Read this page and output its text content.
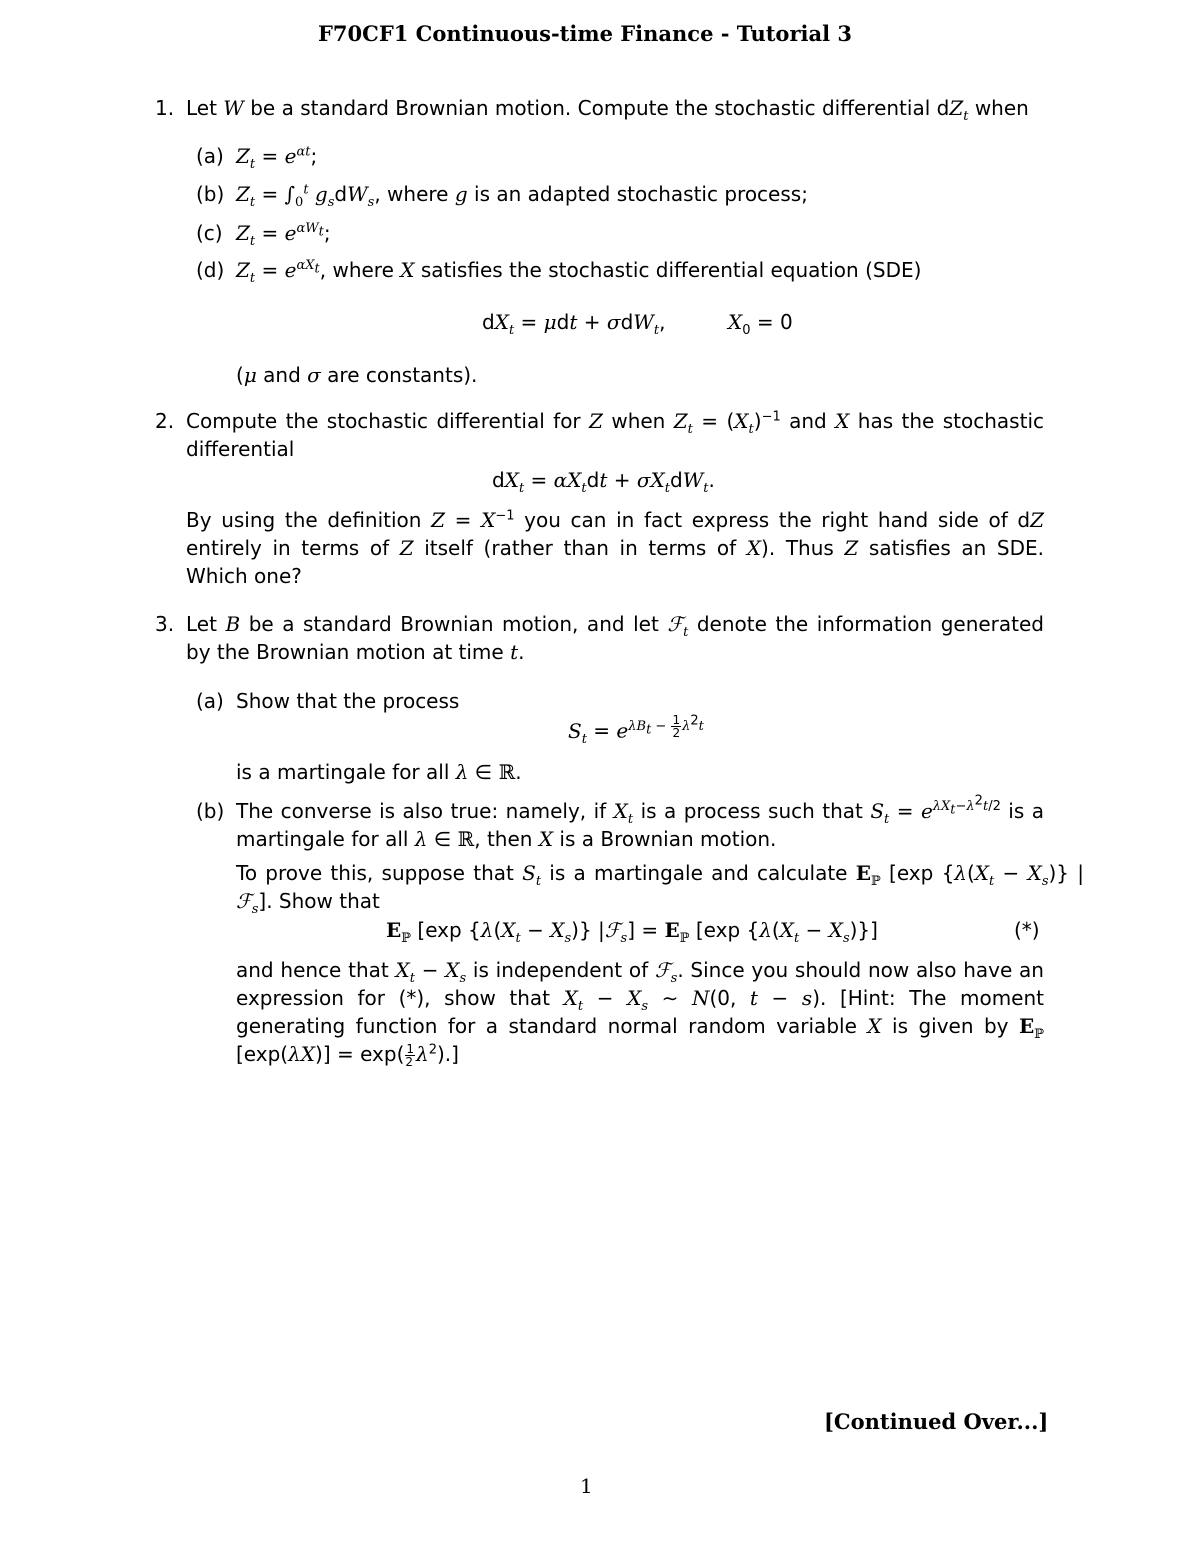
F70CF1 Continuous-time Finance - Tutorial 3
1. Let W be a standard Brownian motion. Compute the stochastic differential $dZ_t$ when
(a) $Z_t = e^{\alpha t}$;
(b) $Z_t = \int_0^t$ $g_sdW_s$, where g is an adapted stochastic process;
(c) $Z_t = e^{\alpha W_t}$;
(d) $Z_t = e^{\alpha X_t}$, where X satisfies the stochastic differential equation (SDE)
$dX_t = \mu dt + \sigma dW_t$,	$X_0 = 0$
(μ and σ are constants).
2. Compute the stochastic differential for Z when $Z_t = (X_t)^{-1}$ and X has the stochastic differential
$dX_t = \alpha X_tdt + \sigma X_tdW_t$.
By using the definition $Z = X^{-1}$ you can in fact express the right hand side of dZ entirely in terms of Z itself (rather than in terms of X). Thus Z satisfies an SDE. Which one?
3. Let B be a standard Brownian motion, and let ℱ$_t$ denote the information generated by the Brownian motion at time t.
(a) Show that the process
$S_t = e^{\lambda B_t - \frac{1}{2} \lambda^2t}$
is a martingale for all λ ∈ ℝ.
(b) The converse is also true: namely, if $X_t$ is a process such that $S_t = e^{\lambda X_t-\lambda^2t/2}$ is a martingale for all λ ∈ ℝ, then X is a Brownian motion.
To prove this, suppose that $S_t$ is a martingale and calculate $E_ℙ$ [exp $\{\lambda(X_t - X_s)\}$ |ℱ$_s$]. Show that
$E_ℙ$ [exp $\{\lambda(X_t - X_s)\}$ |ℱ$_s$] = $E_ℙ$ [exp $\{\lambda(X_t - X_s)\}$]	(*)
and hence that $X_t - X_s$ is independent of ℱ$_s$. Since you should now also have an expression for (*), show that $X_t - X_s$ ∼ N(0, t − s). [Hint: The moment generating function for a standard normal random variable X is given by $E_ℙ$ $[\exp(\lambda X)] = \exp( \frac{1}{2} \lambda^2)$.]
[Continued Over...]
1
